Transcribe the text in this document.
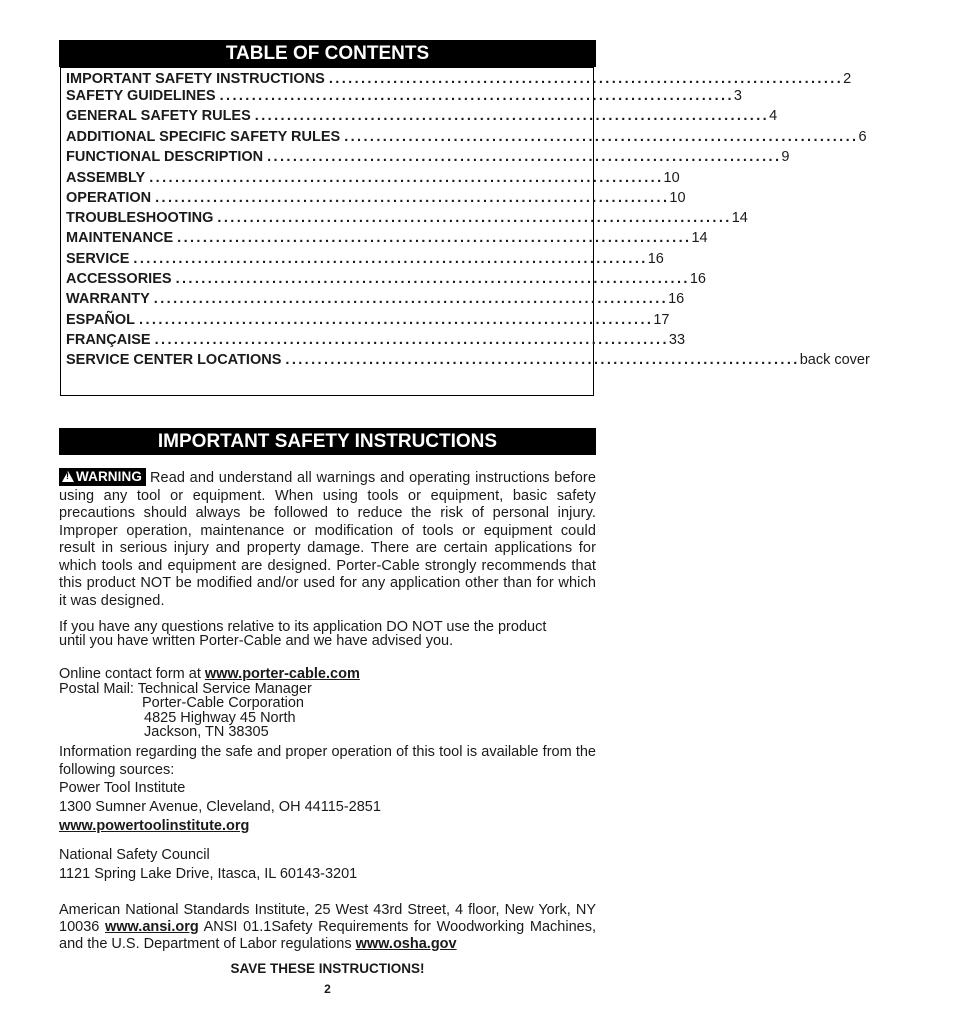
TABLE OF CONTENTS
IMPORTANT SAFETY INSTRUCTIONS ................................................................................ 2
SAFETY GUIDELINES ................................................................................ 3
GENERAL SAFETY RULES ................................................................................ 4
ADDITIONAL SPECIFIC SAFETY RULES ................................................................................ 6
FUNCTIONAL DESCRIPTION ................................................................................ 9
ASSEMBLY ................................................................................ 10
OPERATION ................................................................................ 10
TROUBLESHOOTING ................................................................................ 14
MAINTENANCE ................................................................................ 14
SERVICE ................................................................................ 16
ACCESSORIES ................................................................................ 16
WARRANTY ................................................................................ 16
ESPAÑOL ................................................................................ 17
FRANÇAISE ................................................................................ 33
SERVICE CENTER LOCATIONS ................................................................................ back cover
IMPORTANT SAFETY INSTRUCTIONS
!WARNING Read and understand all warnings and operating instructions before using any tool or equipment. When using tools or equipment, basic safety precautions should always be followed to reduce the risk of personal injury. Improper operation, maintenance or modification of tools or equipment could result in serious injury and property damage. There are certain applications for which tools and equipment are designed. Porter-Cable strongly recommends that this product NOT be modified and/or used for any application other than for which it was designed.
If you have any questions relative to its application DO NOT use the product
until you have written Porter-Cable and we have advised you.
Online contact form at www.porter-cable.com
Postal Mail: Technical Service Manager
Porter-Cable Corporation
4825 Highway 45 North
Jackson, TN 38305
Information regarding the safe and proper operation of this tool is available from the following sources:
Power Tool Institute
1300 Sumner Avenue, Cleveland, OH 44115-2851
www.powertoolinstitute.org
National Safety Council
1121 Spring Lake Drive, Itasca, IL 60143-3201
American National Standards Institute, 25 West 43rd Street, 4 floor, New York, NY 10036 www.ansi.org ANSI 01.1Safety Requirements for Woodworking Machines, and the U.S. Department of Labor regulations www.osha.gov
SAVE THESE INSTRUCTIONS!
2
